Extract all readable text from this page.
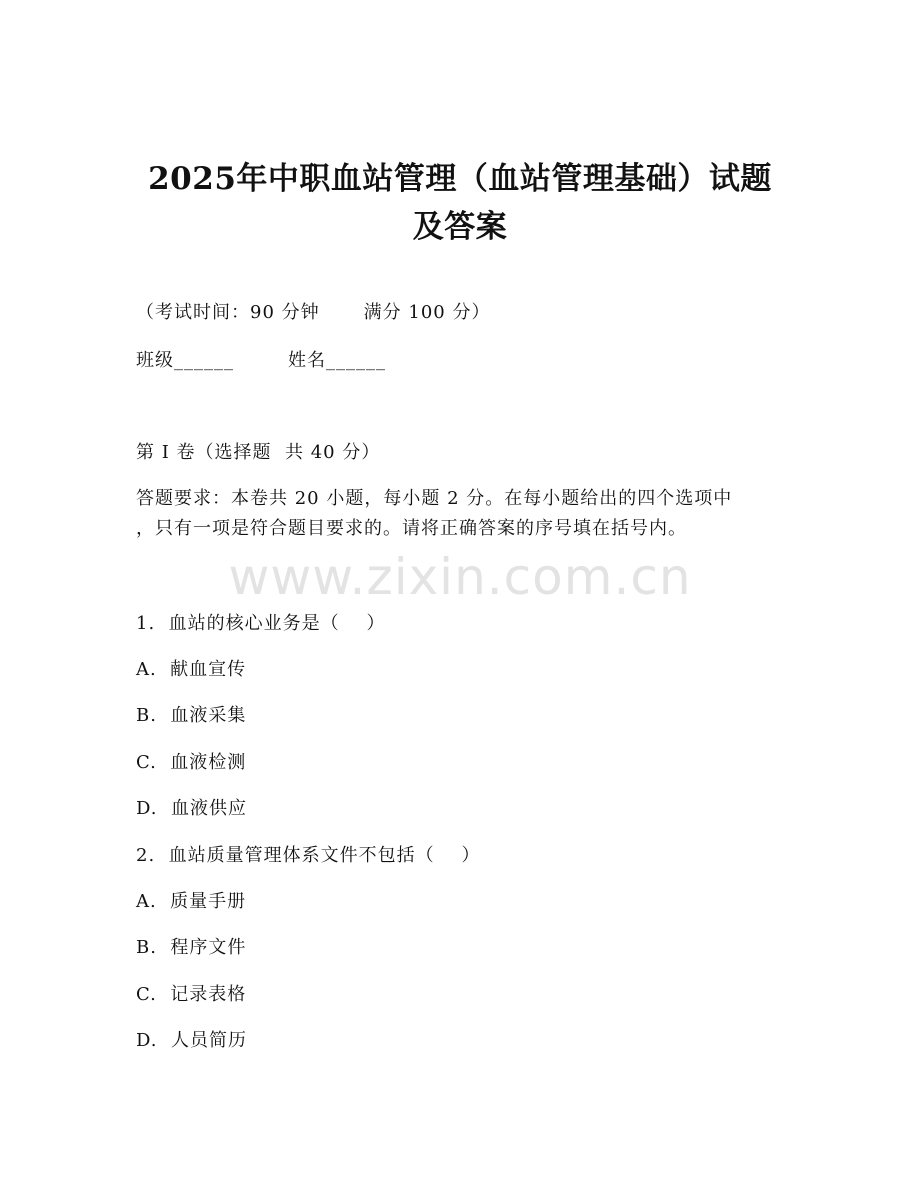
2025年中职血站管理（血站管理基础）试题
及答案
（考试时间：90 分钟 满分 100 分）
班级______	姓名______
第 I 卷（选择题  共 40 分）
答题要求：本卷共 20 小题，每小题 2 分。在每小题给出的四个选项中
，只有一项是符合题目要求的。请将正确答案的序号填在括号内。
www.zixin.com.cn
1.  血站的核心业务是（    ）
A.  献血宣传
B.  血液采集
C.  血液检测
D.  血液供应
2.  血站质量管理体系文件不包括（    ）
A.  质量手册
B.  程序文件
C.  记录表格
D.  人员简历
